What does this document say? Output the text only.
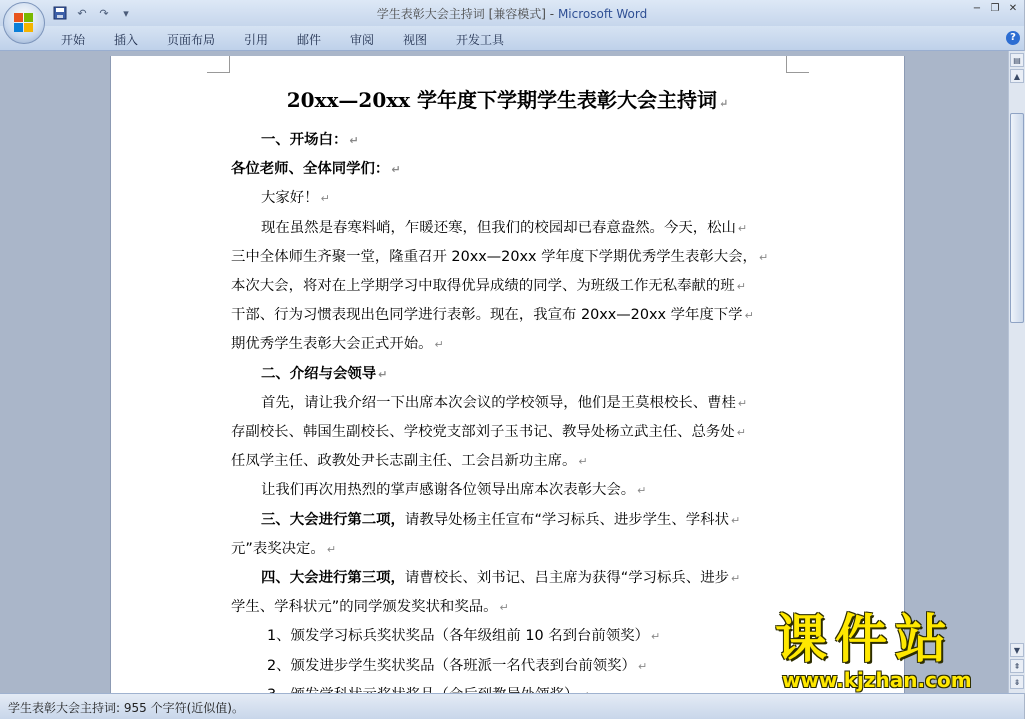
↶	↷	▾	学生表彰大会主持词 [兼容模式] - Microsoft Word	− ❐ ✕
开始 插入 页面布局 引用 邮件 审阅 视图 开发工具	?
20xx—20xx 学年度下学期学生表彰大会主持词 ↵
一、开场白： ↵
各位老师、全体同学们： ↵
大家好！ ↵
现在虽然是春寒料峭，乍暖还寒，但我们的校园却已春意盎然。今天，松山 ↵
三中全体师生齐聚一堂，隆重召开 20xx—20xx 学年度下学期优秀学生表彰大会， ↵
本次大会，将对在上学期学习中取得优异成绩的同学、为班级工作无私奉献的班 ↵
干部、行为习惯表现出色同学进行表彰。现在，我宣布 20xx—20xx 学年度下学 ↵
期优秀学生表彰大会正式开始。 ↵
二、介绍与会领导 ↵
首先，请让我介绍一下出席本次会议的学校领导，他们是王莫根校长、曹桂 ↵
存副校长、韩国生副校长、学校党支部刘子玉书记、教导处杨立武主任、总务处 ↵
任凤学主任、政教处尹长志副主任、工会吕新功主席。 ↵
让我们再次用热烈的掌声感谢各位领导出席本次表彰大会。 ↵
三、大会进行第二项，请教导处杨主任宣布“学习标兵、进步学生、学科状 ↵
元”表奖决定。 ↵
四、大会进行第三项，请曹校长、刘书记、吕主席为获得“学习标兵、进步 ↵
学生、学科状元”的同学颁发奖状和奖品。 ↵
1、颁发学习标兵奖状奖品（各年级组前 10 名到台前领奖） ↵
2、颁发进步学生奖状奖品（各班派一名代表到台前领奖） ↵
▤
▲
▼
⇞
⇟
学生表彰大会主持词: 955 个字符(近似值)。
课件站
www.kjzhan.com
